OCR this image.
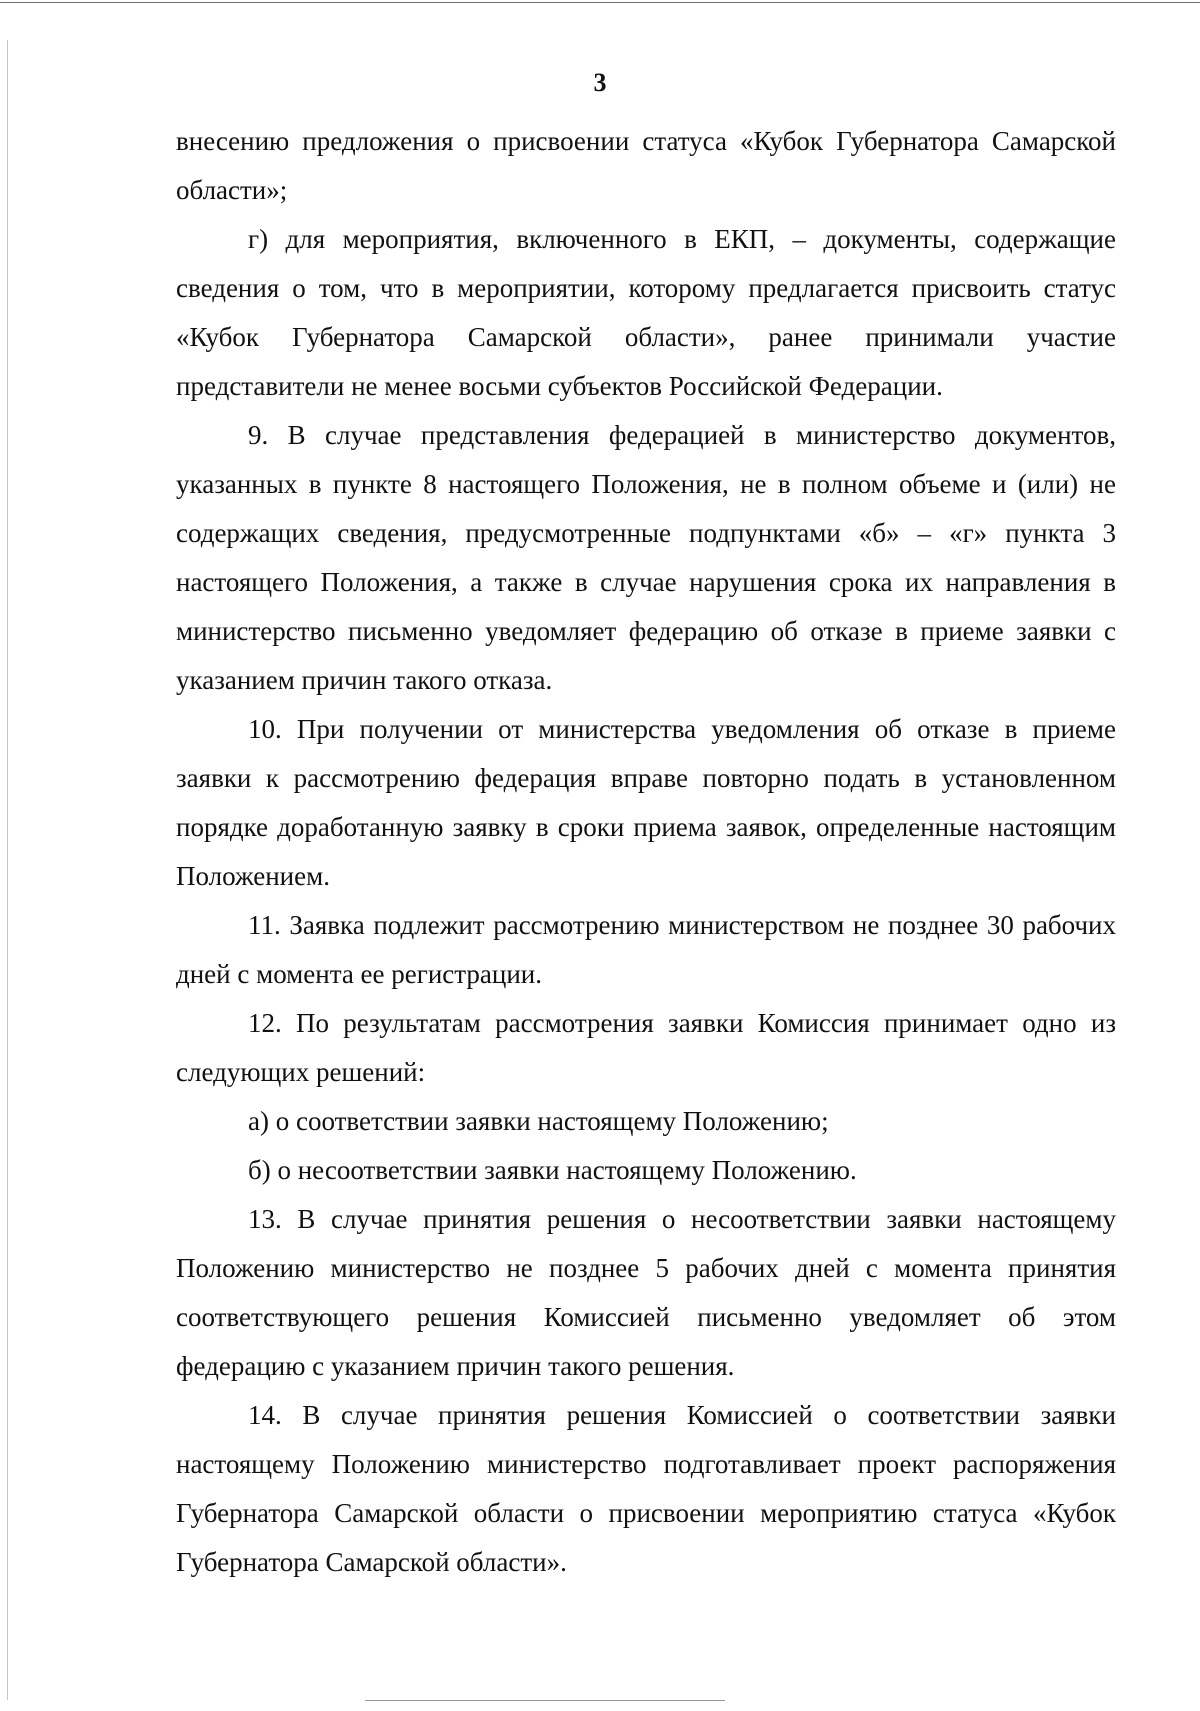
3

внесению предложения о присвоении статуса «Кубок Губернатора Самарской области»;

г) для мероприятия, включенного в ЕКП, – документы, содержащие сведения о том, что в мероприятии, которому предлагается присвоить статус «Кубок Губернатора Самарской области», ранее принимали участие представители не менее восьми субъектов Российской Федерации.

9. В случае представления федерацией в министерство документов, указанных в пункте 8 настоящего Положения, не в полном объеме и (или) не содержащих сведения, предусмотренные подпунктами «б» – «г» пункта 3 настоящего Положения, а также в случае нарушения срока их направления в министерство письменно уведомляет федерацию об отказе в приеме заявки с указанием причин такого отказа.

10. При получении от министерства уведомления об отказе в приеме заявки к рассмотрению федерация вправе повторно подать в установленном порядке доработанную заявку в сроки приема заявок, определенные настоящим Положением.

11. Заявка подлежит рассмотрению министерством не позднее 30 рабочих дней с момента ее регистрации.

12. По результатам рассмотрения заявки Комиссия принимает одно из следующих решений:

а) о соответствии заявки настоящему Положению;

б) о несоответствии заявки настоящему Положению.

13. В случае принятия решения о несоответствии заявки настоящему Положению министерство не позднее 5 рабочих дней с момента принятия соответствующего решения Комиссией письменно уведомляет об этом федерацию с указанием причин такого решения.

14. В случае принятия решения Комиссией о соответствии заявки настоящему Положению министерство подготавливает проект распоряжения Губернатора Самарской области о присвоении мероприятию статуса «Кубок Губернатора Самарской области».
